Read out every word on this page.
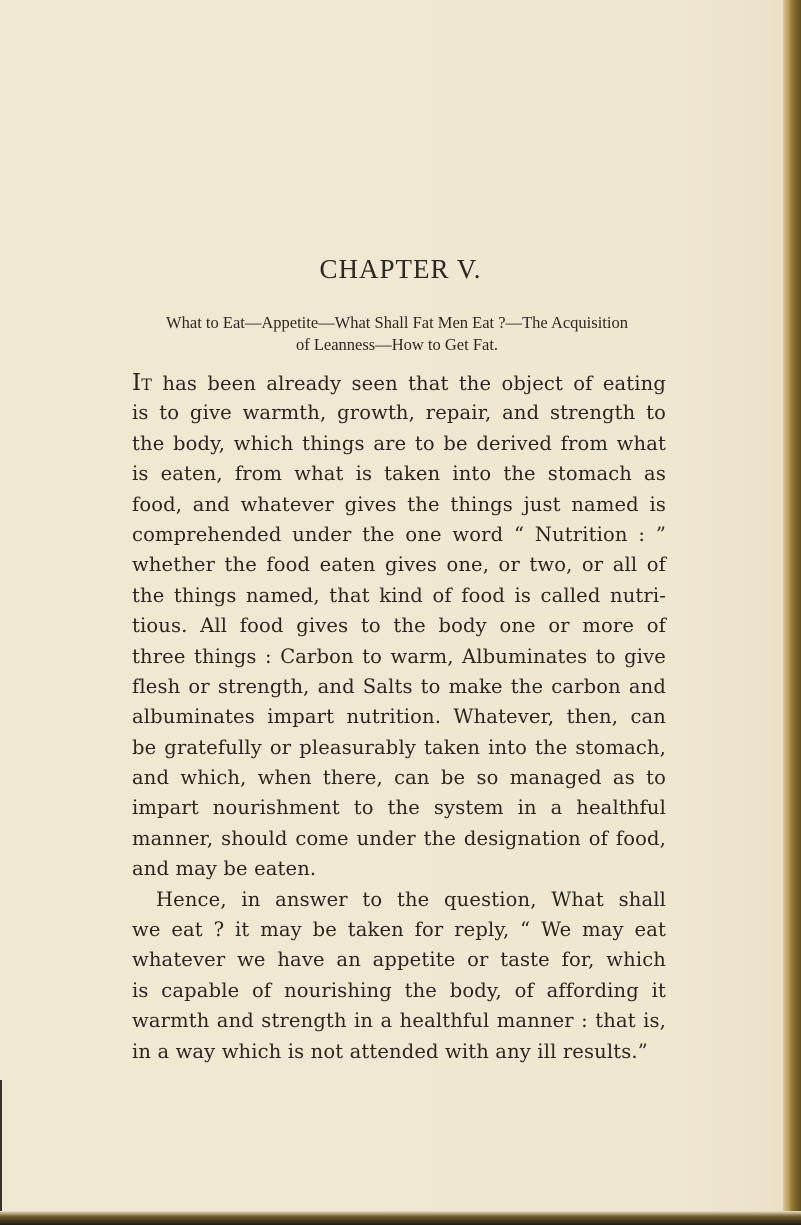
CHAPTER V.
What to Eat—Appetite—What Shall Fat Men Eat ?—The Acquisition
of Leanness—How to Get Fat.
IT has been already seen that the object of eating
is to give warmth, growth, repair, and strength to
the body, which things are to be derived from what
is eaten, from what is taken into the stomach as
food, and whatever gives the things just named is
comprehended under the one word “ Nutrition : ”
whether the food eaten gives one, or two, or all of
the things named, that kind of food is called nutri-
tious. All food gives to the body one or more of
three things : Carbon to warm, Albuminates to give
flesh or strength, and Salts to make the carbon and
albuminates impart nutrition. Whatever, then, can
be gratefully or pleasurably taken into the stomach,
and which, when there, can be so managed as to
impart nourishment to the system in a healthful
manner, should come under the designation of food,
and may be eaten.
Hence, in answer to the question, What shall
we eat ? it may be taken for reply, “ We may eat
whatever we have an appetite or taste for, which
is capable of nourishing the body, of affording it
warmth and strength in a healthful manner : that is,
in a way which is not attended with any ill results.”
